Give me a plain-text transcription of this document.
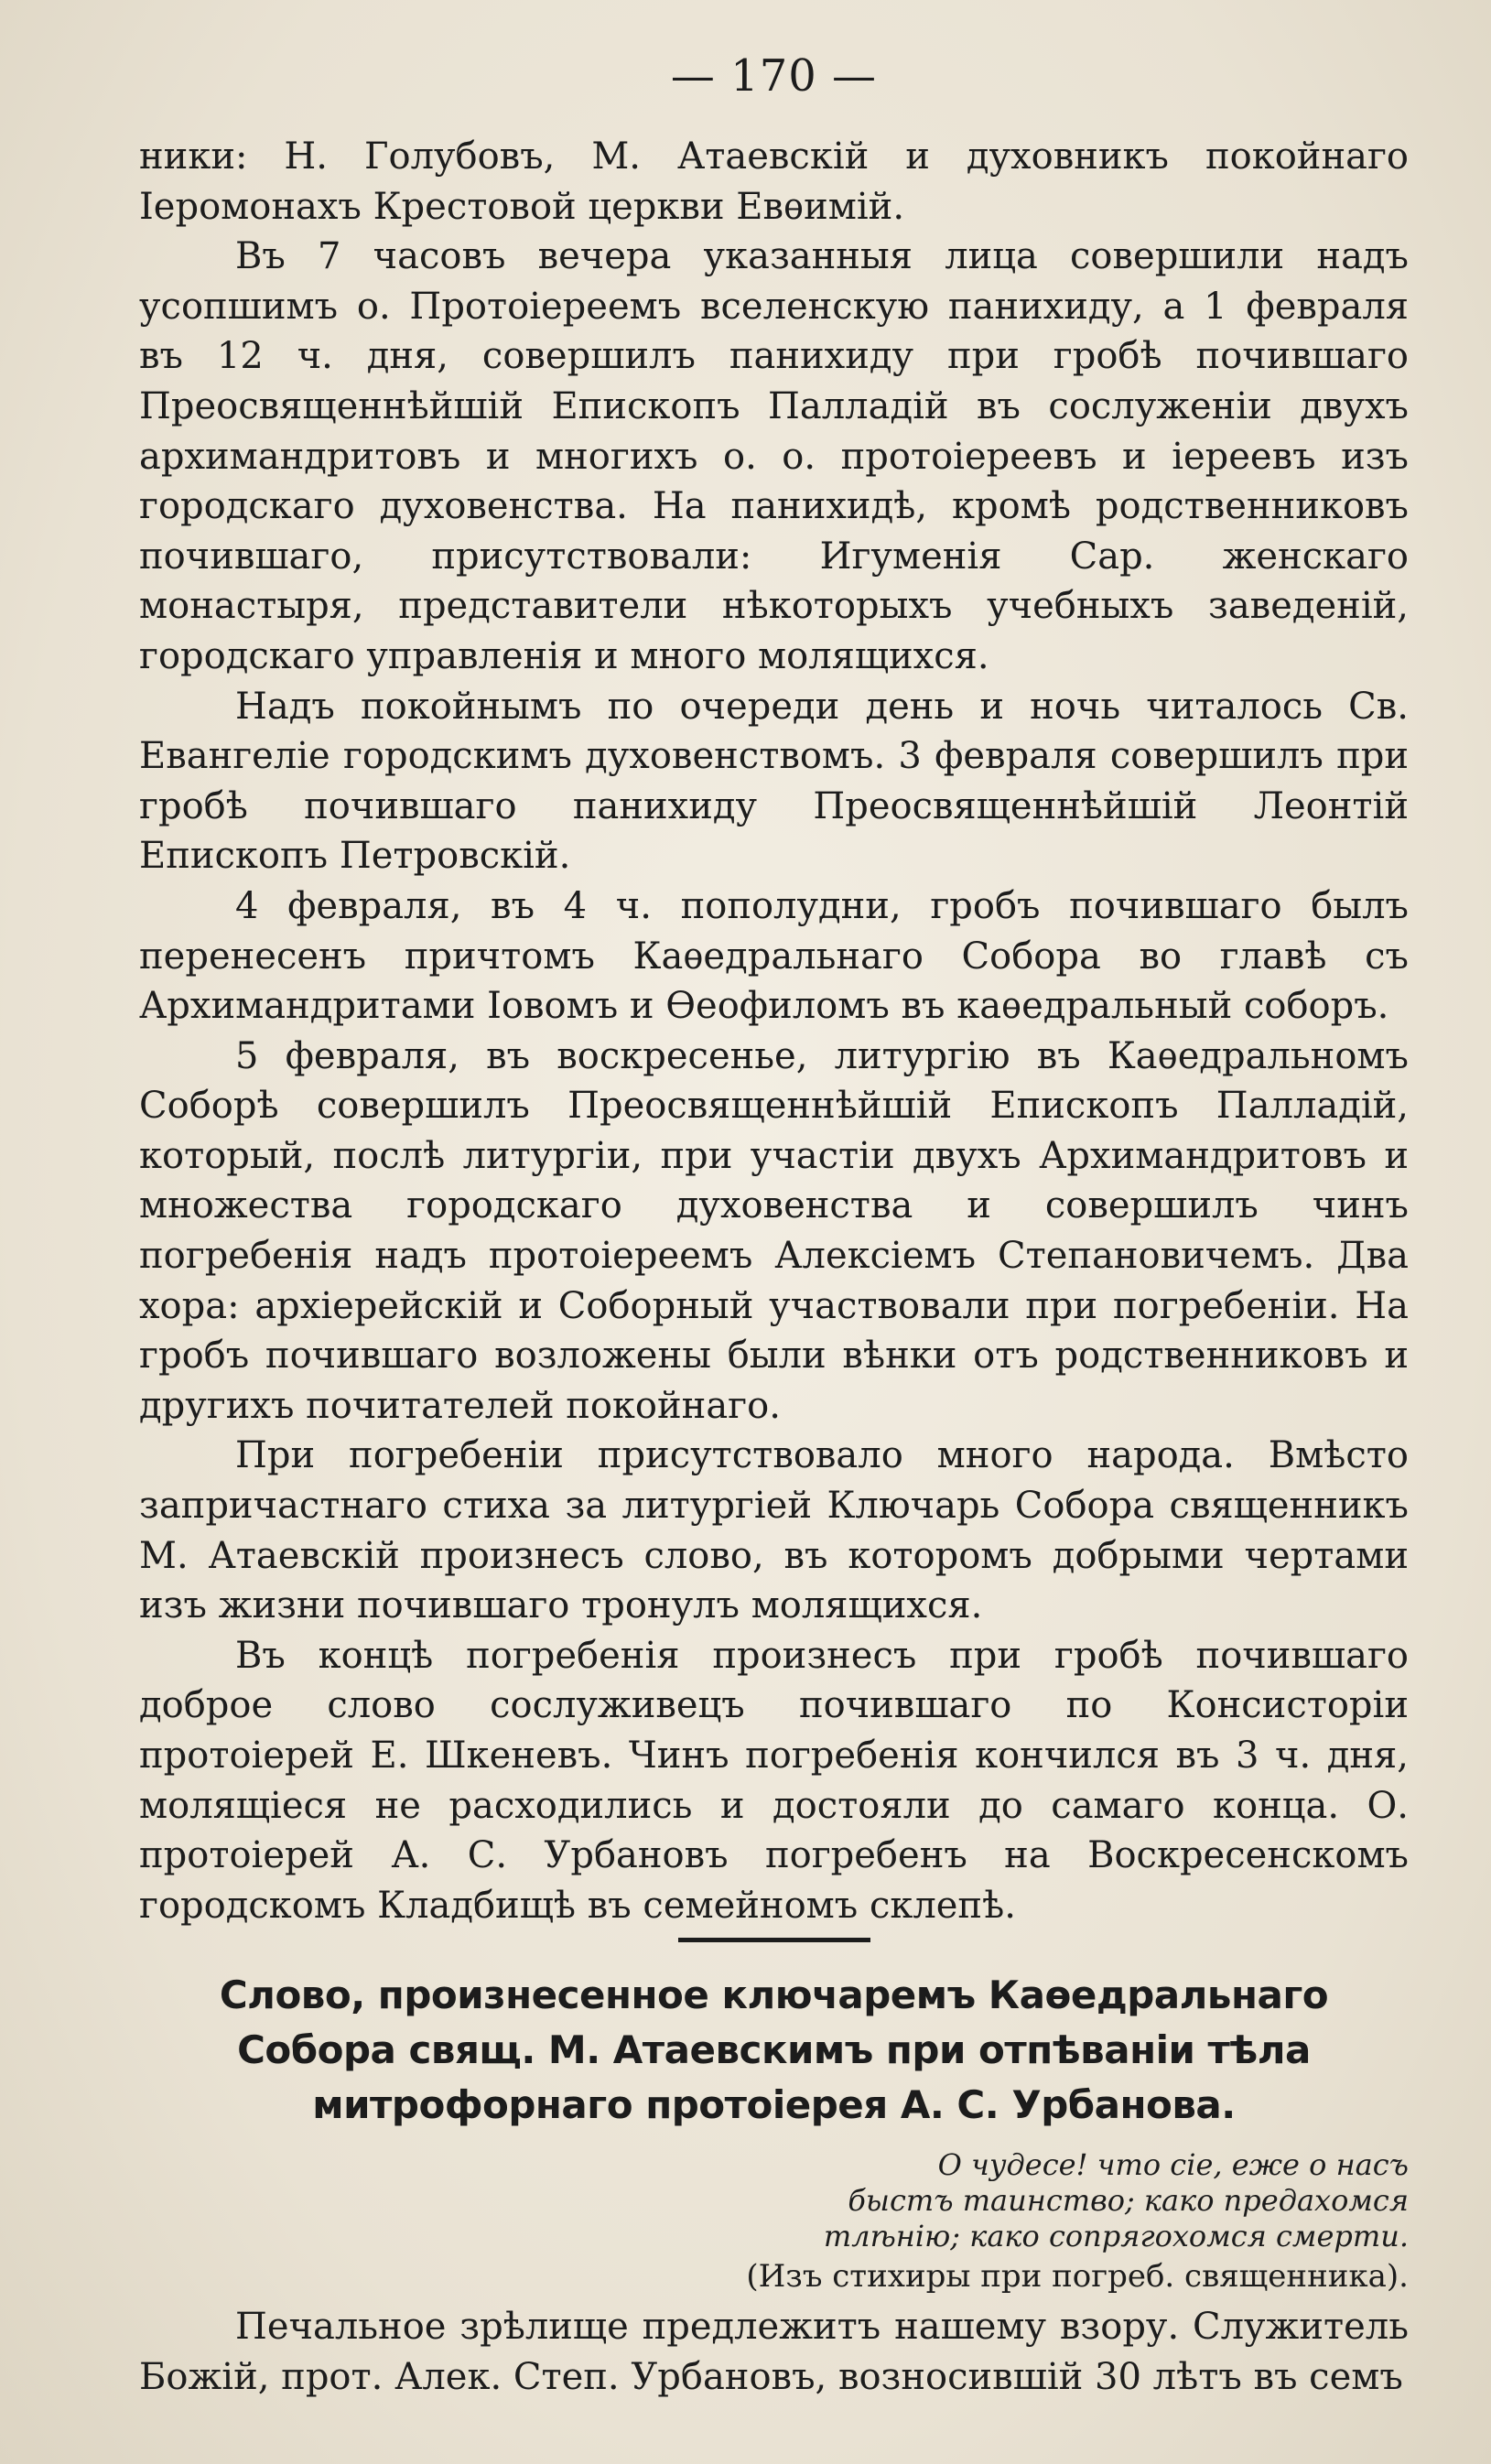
— 170 —

ники: Н. Голубовъ, М. Атаевскій и духовникъ покойнаго Іеромонахъ Крестовой церкви Евѳимій.

Въ 7 часовъ вечера указанныя лица совершили надъ усопшимъ о. Протоіереемъ вселенскую панихиду, а 1 февраля въ 12 ч. дня, совершилъ панихиду при гробѣ почившаго Преосвященнѣйшій Епископъ Палладій въ сослуженіи двухъ архимандритовъ и многихъ о. о. протоіереевъ и іереевъ изъ городскаго духовенства. На панихидѣ, кромѣ родственниковъ почившаго, присутствовали: Игуменія Сар. женскаго монастыря, представители нѣкоторыхъ учебныхъ заведеній, городскаго управленія и много молящихся.

Надъ покойнымъ по очереди день и ночь читалось Св. Евангеліе городскимъ духовенствомъ. 3 февраля совершилъ при гробѣ почившаго панихиду Преосвященнѣйшій Леонтій Епископъ Петровскій.

4 февраля, въ 4 ч. пополудни, гробъ почившаго былъ перенесенъ причтомъ Каѳедральнаго Собора во главѣ съ Архимандритами Іовомъ и Ѳеофиломъ въ каѳедральный соборъ.

5 февраля, въ воскресенье, литургію въ Каѳедральномъ Соборѣ совершилъ Преосвященнѣйшій Епископъ Палладій, который, послѣ литургіи, при участіи двухъ Архимандритовъ и множества городскаго духовенства и совершилъ чинъ погребенія надъ протоіереемъ Алексіемъ Степановичемъ. Два хора: архіерейскій и Соборный участвовали при погребеніи. На гробъ почившаго возложены были вѣнки отъ родственниковъ и другихъ почитателей покойнаго.

При погребеніи присутствовало много народа. Вмѣсто запричастнаго стиха за литургіей Ключарь Собора священникъ М. Атаевскій произнесъ слово, въ которомъ добрыми чертами изъ жизни почившаго тронулъ молящихся.

Въ концѣ погребенія произнесъ при гробѣ почившаго доброе слово сослуживецъ почившаго по Консисторіи протоіерей Е. Шкеневъ. Чинъ погребенія кончился въ 3 ч. дня, молящіеся не расходились и достояли до самаго конца. О. протоіерей А. С. Урбановъ погребенъ на Воскресенскомъ городскомъ Кладбищѣ въ семейномъ склепѣ.

Слово, произнесенное ключаремъ Каѳедральнаго Собора свящ. М. Атаевскимъ при отпѣваніи тѣла митрофорнаго протоіерея А. С. Урбанова.
О чудесе! что сіе, еже о насъ
быстъ таинство; како предахомся
тлѣнію; како сопрягохомся смерти.
(Изъ стихиры при погреб. священника).

Печальное зрѣлище предлежитъ нашему взору. Служитель Божій, прот. Алек. Степ. Урбановъ, возносившій 30 лѣтъ въ семъ
